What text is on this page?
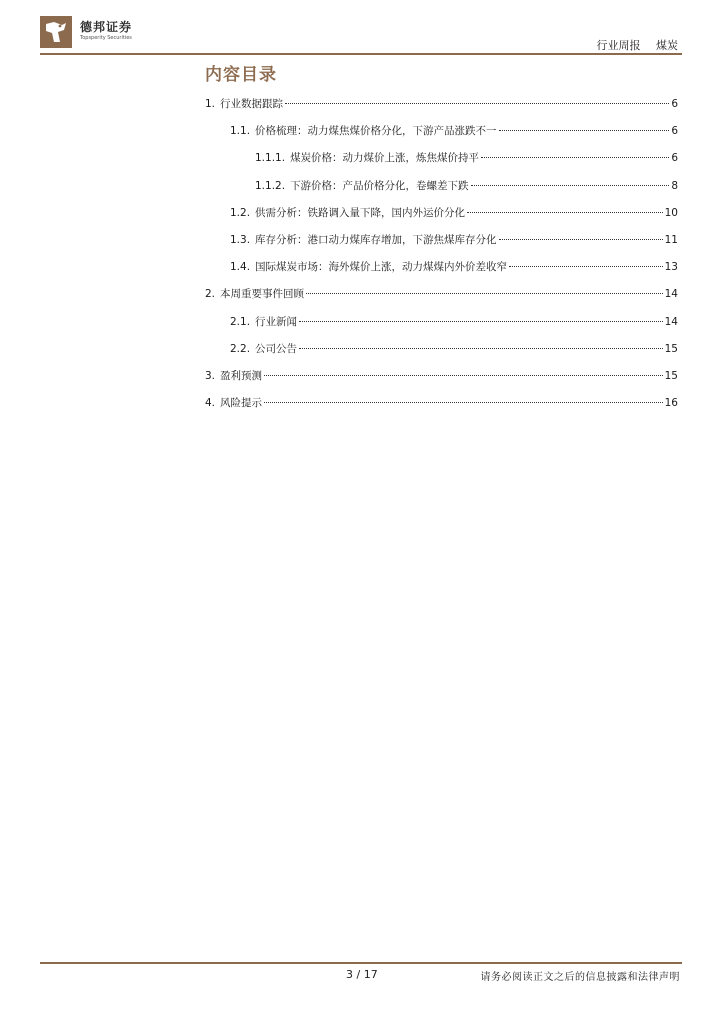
德邦证券
Topsperity Securities
行业周报 煤炭
内容目录
1. 行业数据跟踪	6
1.1. 价格梳理：动力煤焦煤价格分化，下游产品涨跌不一	6
1.1.1. 煤炭价格：动力煤价上涨，炼焦煤价持平	6
1.1.2. 下游价格：产品价格分化，卷螺差下跌	8
1.2. 供需分析：铁路调入量下降，国内外运价分化	10
1.3. 库存分析：港口动力煤库存增加，下游焦煤库存分化	11
1.4. 国际煤炭市场：海外煤价上涨，动力煤煤内外价差收窄	13
2. 本周重要事件回顾	14
2.1. 行业新闻	14
2.2. 公司公告	15
3. 盈利预测	15
4. 风险提示	16
3 / 17	请务必阅读正文之后的信息披露和法律声明
